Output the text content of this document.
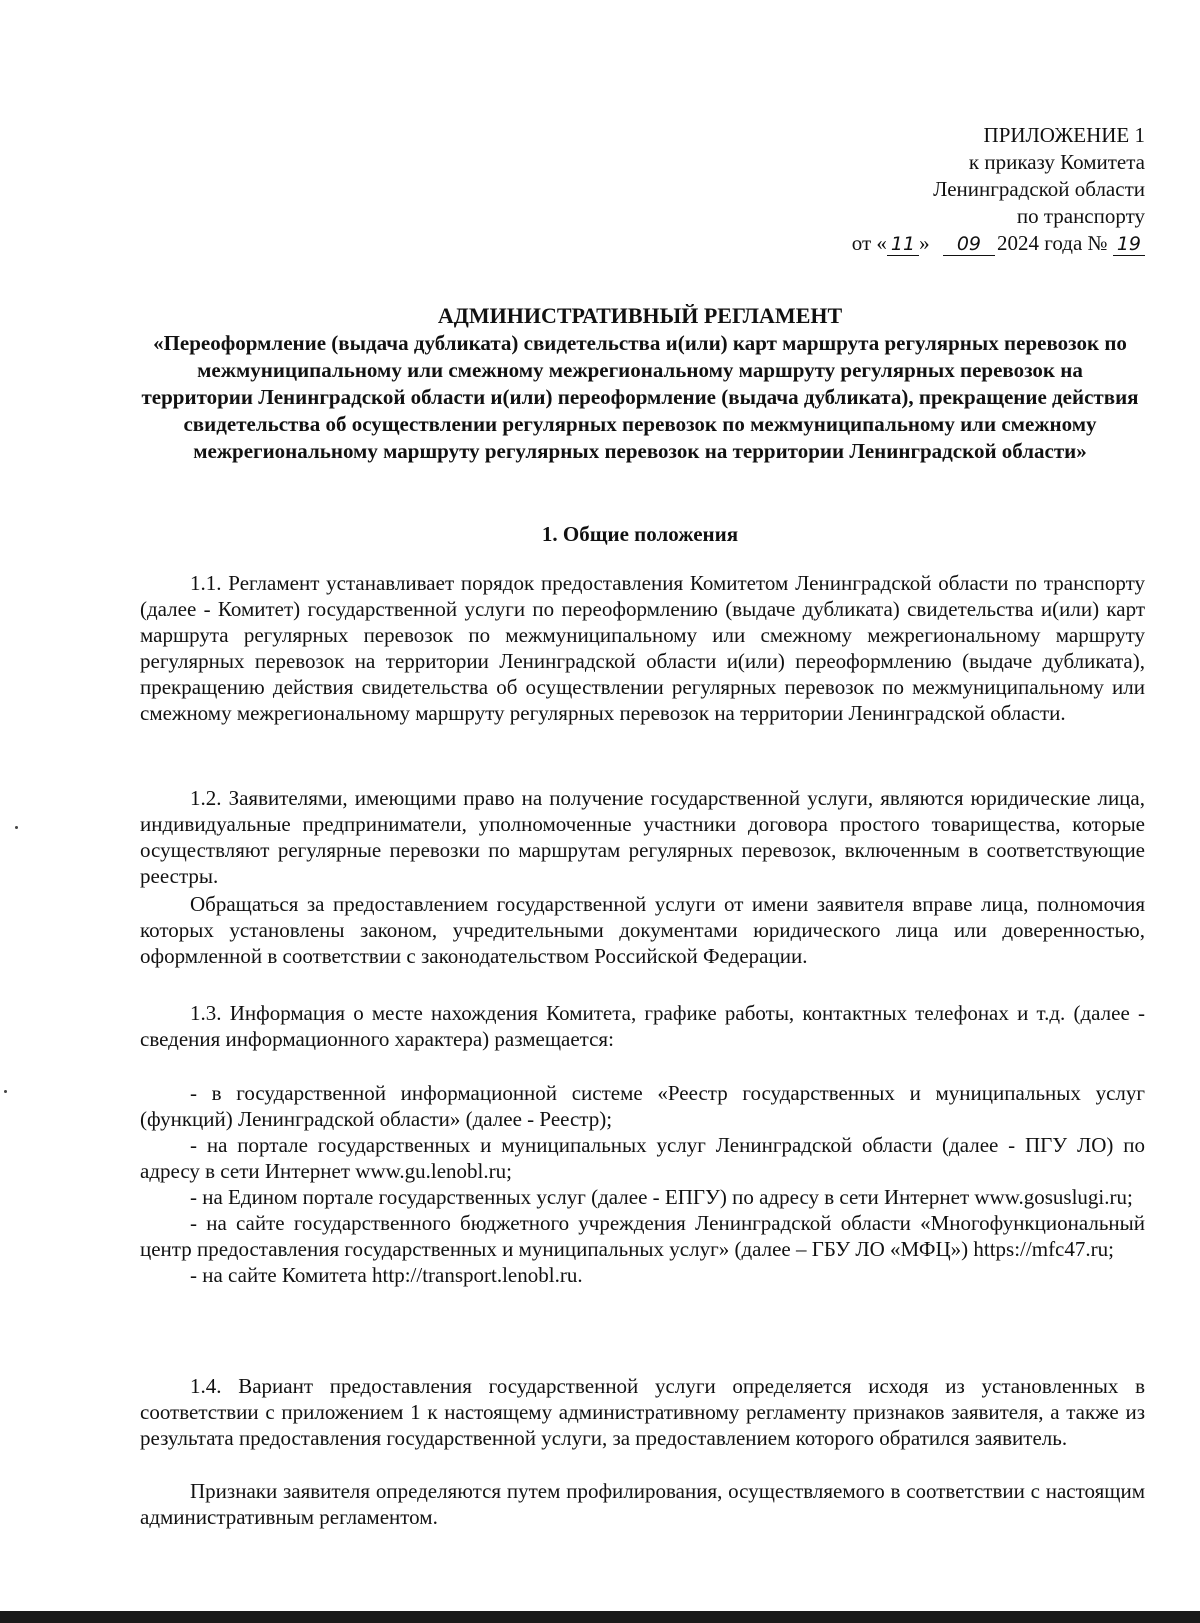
ПРИЛОЖЕНИЕ 1
к приказу Комитета
Ленинградской области
по транспорту
от « 11 » 09 2024 года № 19
АДМИНИСТРАТИВНЫЙ РЕГЛАМЕНТ
«Переоформление (выдача дубликата) свидетельства и(или) карт маршрута регулярных перевозок по межмуниципальному или смежному межрегиональному маршруту регулярных перевозок на территории Ленинградской области и(или) переоформление (выдача дубликата), прекращение действия свидетельства об осуществлении регулярных перевозок по межмуниципальному или смежному межрегиональному маршруту регулярных перевозок на территории Ленинградской области»
1. Общие положения
1.1. Регламент устанавливает порядок предоставления Комитетом Ленинградской области по транспорту (далее - Комитет) государственной услуги по переоформлению (выдаче дубликата) свидетельства и(или) карт маршрута регулярных перевозок по межмуниципальному или смежному межрегиональному маршруту регулярных перевозок на территории Ленинградской области и(или) переоформлению (выдаче дубликата), прекращению действия свидетельства об осуществлении регулярных перевозок по межмуниципальному или смежному межрегиональному маршруту регулярных перевозок на территории Ленинградской области.
1.2. Заявителями, имеющими право на получение государственной услуги, являются юридические лица, индивидуальные предприниматели, уполномоченные участники договора простого товарищества, которые осуществляют регулярные перевозки по маршрутам регулярных перевозок, включенным в соответствующие реестры.
Обращаться за предоставлением государственной услуги от имени заявителя вправе лица, полномочия которых установлены законом, учредительными документами юридического лица или доверенностью, оформленной в соответствии с законодательством Российской Федерации.
1.3. Информация о месте нахождения Комитета, графике работы, контактных телефонах и т.д. (далее - сведения информационного характера) размещается:
- в государственной информационной системе «Реестр государственных и муниципальных услуг (функций) Ленинградской области» (далее - Реестр);
- на портале государственных и муниципальных услуг Ленинградской области (далее - ПГУ ЛО) по адресу в сети Интернет www.gu.lenobl.ru;
- на Едином портале государственных услуг (далее - ЕПГУ) по адресу в сети Интернет www.gosuslugi.ru;
- на сайте государственного бюджетного учреждения Ленинградской области «Многофункциональный центр предоставления государственных и муниципальных услуг» (далее – ГБУ ЛО «МФЦ») https://mfc47.ru;
- на сайте Комитета http://transport.lenobl.ru.
1.4. Вариант предоставления государственной услуги определяется исходя из установленных в соответствии с приложением 1 к настоящему административному регламенту признаков заявителя, а также из результата предоставления государственной услуги, за предоставлением которого обратился заявитель.
Признаки заявителя определяются путем профилирования, осуществляемого в соответствии с настоящим административным регламентом.
